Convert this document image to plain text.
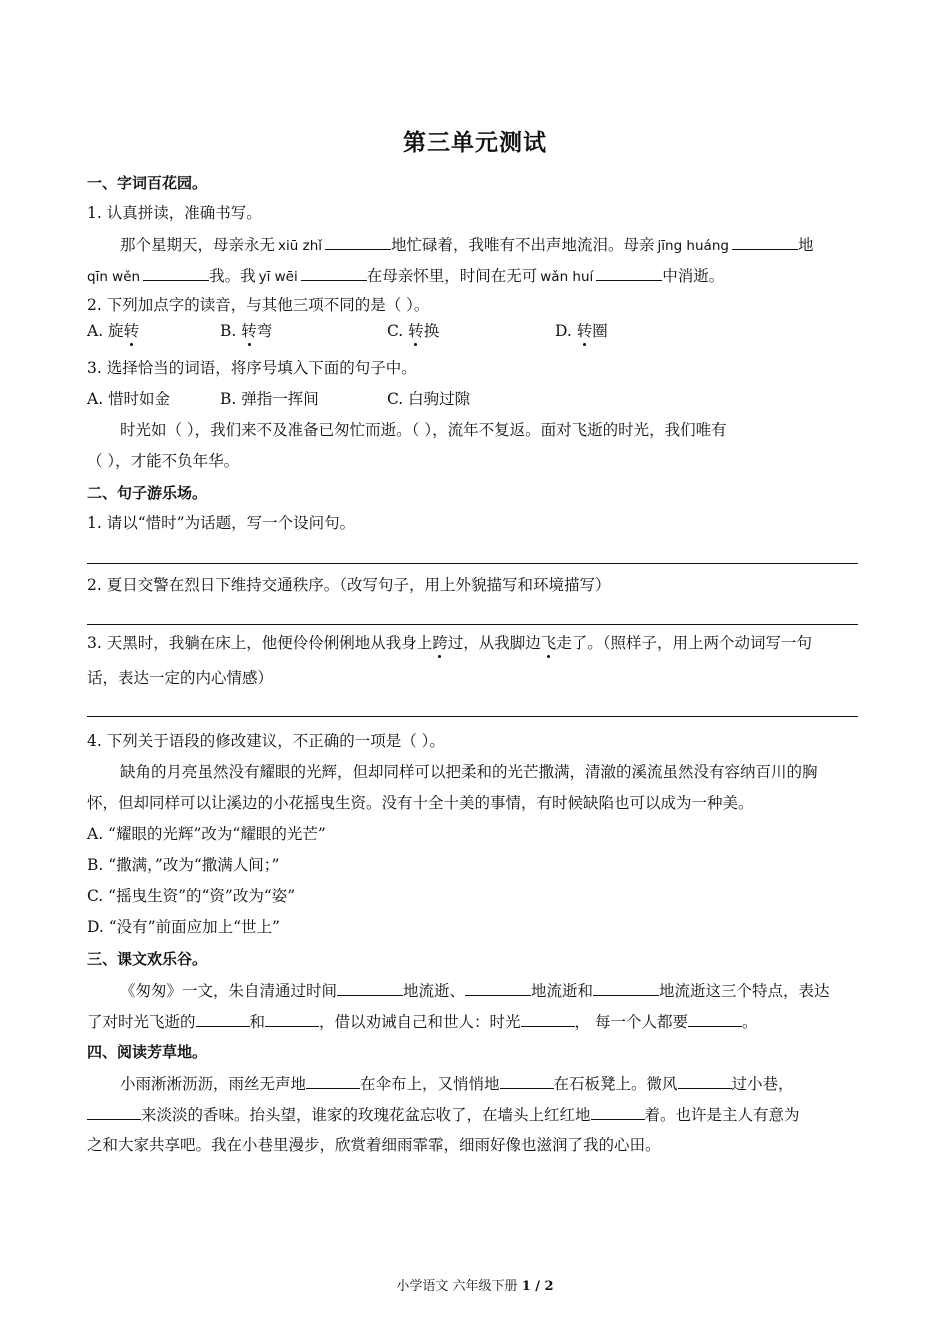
第三单元测试
一、字词百花园。
1. 认真拼读，准确书写。
那个星期天，母亲永无 xiū zhǐ	地忙碌着，我唯有不出声地流泪。母亲 jīng huáng	地
qīn wěn	我。我 yī wēi	在母亲怀里，时间在无可 wǎn huí	中消逝。
2. 下列加点字的读音，与其他三项不同的是（ ）。
A. 旋转	B. 转弯	C. 转换	D. 转圈
3. 选择恰当的词语，将序号填入下面的句子中。
A. 惜时如金	B. 弹指一挥间	C. 白驹过隙
时光如（ ），我们来不及准备已匆忙而逝。（ ），流年不复返。面对飞逝的时光，我们唯有
（ ），才能不负年华。
二、句子游乐场。
1. 请以“惜时”为话题，写一个设问句。
2. 夏日交警在烈日下维持交通秩序。（改写句子，用上外貌描写和环境描写）
3. 天黑时，我躺在床上，他便伶伶俐俐地从我身上跨过，从我脚边飞走了。（照样子，用上两个动词写一句
话，表达一定的内心情感）
4. 下列关于语段的修改建议，不正确的一项是（ ）。
缺角的月亮虽然没有耀眼的光辉，但却同样可以把柔和的光芒撒满，清澈的溪流虽然没有容纳百川的胸
怀，但却同样可以让溪边的小花摇曳生资。没有十全十美的事情，有时候缺陷也可以成为一种美。
A. “耀眼的光辉”改为“耀眼的光芒”
B. “撒满，”改为“撒满人间；”
C. “摇曳生资”的“资”改为“姿”
D. “没有”前面应加上“世上”
三、课文欢乐谷。
《匆匆》一文，朱自清通过时间	地流逝、	地流逝和	地流逝这三个特点，表达
了对时光飞逝的	和	，借以劝诫自己和世人：时光	， 每一个人都要	。
四、阅读芳草地。
小雨淅淅沥沥，雨丝无声地	在伞布上，又悄悄地	在石板凳上。微风	过小巷，
来淡淡的香味。抬头望，谁家的玫瑰花盆忘收了，在墙头上红红地	着。也许是主人有意为
之和大家共享吧。我在小巷里漫步，欣赏着细雨霏霏，细雨好像也滋润了我的心田。
小学语文 六年级下册 1 / 2
